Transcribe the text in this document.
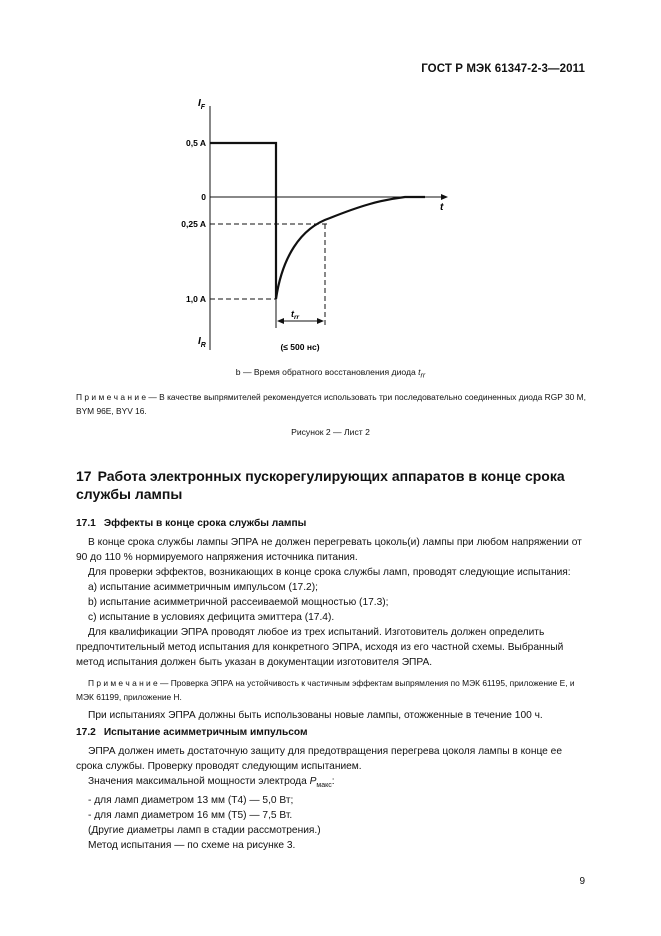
ГОСТ Р МЭК 61347-2-3—2011
0,5 A
0
0,25 A
1,0 A
$I_F$
$I_R$
t
$t_{rr}$
(≤ 500 нс)
b — Время обратного восстановления диода $t_{rr}$
П р и м е ч а н и е — В качестве выпрямителей рекомендуется использовать три последовательно соединенных диода RGP 30 M, BYM 96E, BYV 16.
Рисунок 2 — Лист 2
17 Работа электронных пускорегулирующих аппаратов в конце срока службы лампы
17.1 Эффекты в конце срока службы лампы

В конце срока службы лампы ЭПРА не должен перегревать цоколь(и) лампы при любом напряжении от 90 до 110 % нормируемого напряжения источника питания.

Для проверки эффектов, возникающих в конце срока службы ламп, проводят следующие испытания:

a) испытание асимметричным импульсом (17.2);

b) испытание асимметричной рассеиваемой мощностью (17.3);

c) испытание в условиях дефицита эмиттера (17.4).

Для квалификации ЭПРА проводят любое из трех испытаний. Изготовитель должен определить предпочтительный метод испытания для конкретного ЭПРА, исходя из его частной схемы. Выбранный метод испытания должен быть указан в документации изготовителя ЭПРА.

П р и м е ч а н и е — Проверка ЭПРА на устойчивость к частичным эффектам выпрямления по МЭК 61195, приложение Е, и МЭК 61199, приложение Н.

При испытаниях ЭПРА должны быть использованы новые лампы, отожженные в течение 100 ч.

17.2 Испытание асимметричным импульсом

ЭПРА должен иметь достаточную защиту для предотвращения перегрева цоколя лампы в конце ее срока службы. Проверку проводят следующим испытанием.

Значения максимальной мощности электрода $P_{макс}$:

- для ламп диаметром 13 мм (Т4) — 5,0 Вт;

- для ламп диаметром 16 мм (Т5) — 7,5 Вт.

(Другие диаметры ламп в стадии рассмотрения.)

Метод испытания — по схеме на рисунке 3.

9
